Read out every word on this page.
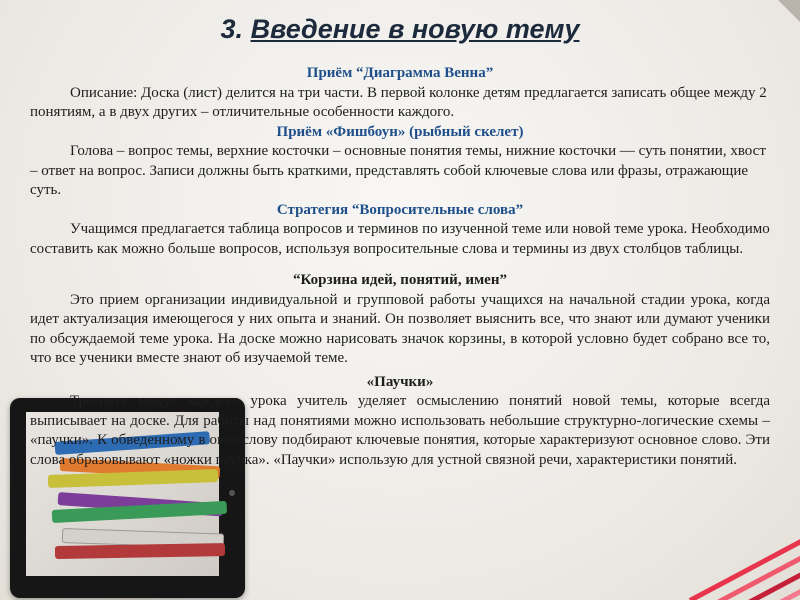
3. Введение в новую тему
Приём “Диаграмма Венна”

Описание: Доска (лист) делится на три части. В первой колонке детям предлагается записать общее между 2 понятиям, а в двух других – отличительные особенности каждого.

Приём «Фишбоун» (рыбный скелет)

Голова – вопрос темы, верхние косточки – основные понятия темы, нижние косточки — суть понятии, хвост – ответ на вопрос. Записи должны быть краткими, представлять собой ключевые слова или фразы, отражающие суть.

Стратегия “Вопросительные слова”

Учащимся предлагается таблица вопросов и терминов по изученной теме или новой теме урока. Необходимо составить как можно больше вопросов, используя вопросительные слова и термины из двух столбцов таблицы.

“Корзина идей, понятий, имен”

Это прием организации индивидуальной и групповой работы учащихся на начальной стадии урока, когда идет актуализация имеющегося у них опыта и знаний. Он позволяет выяснить все, что знают или думают ученики по обсуждаемой теме урока. На доске можно нарисовать значок корзины, в которой условно будет собрано все то, что все ученики вместе знают об изучаемой теме.

«Паучки»

Три-пять минут каждого урока учитель уделяет осмыслению понятий новой темы, которые всегда выписывает на доске. Для работы над понятиями можно использовать небольшие структурно-логические схемы – «паучки». К обведенному в овал слову подбирают ключевые понятия, которые характеризуют основное слово. Эти слова образовывают «ножки паучка». «Паучки» использую для устной связной речи, характеристики понятий.
